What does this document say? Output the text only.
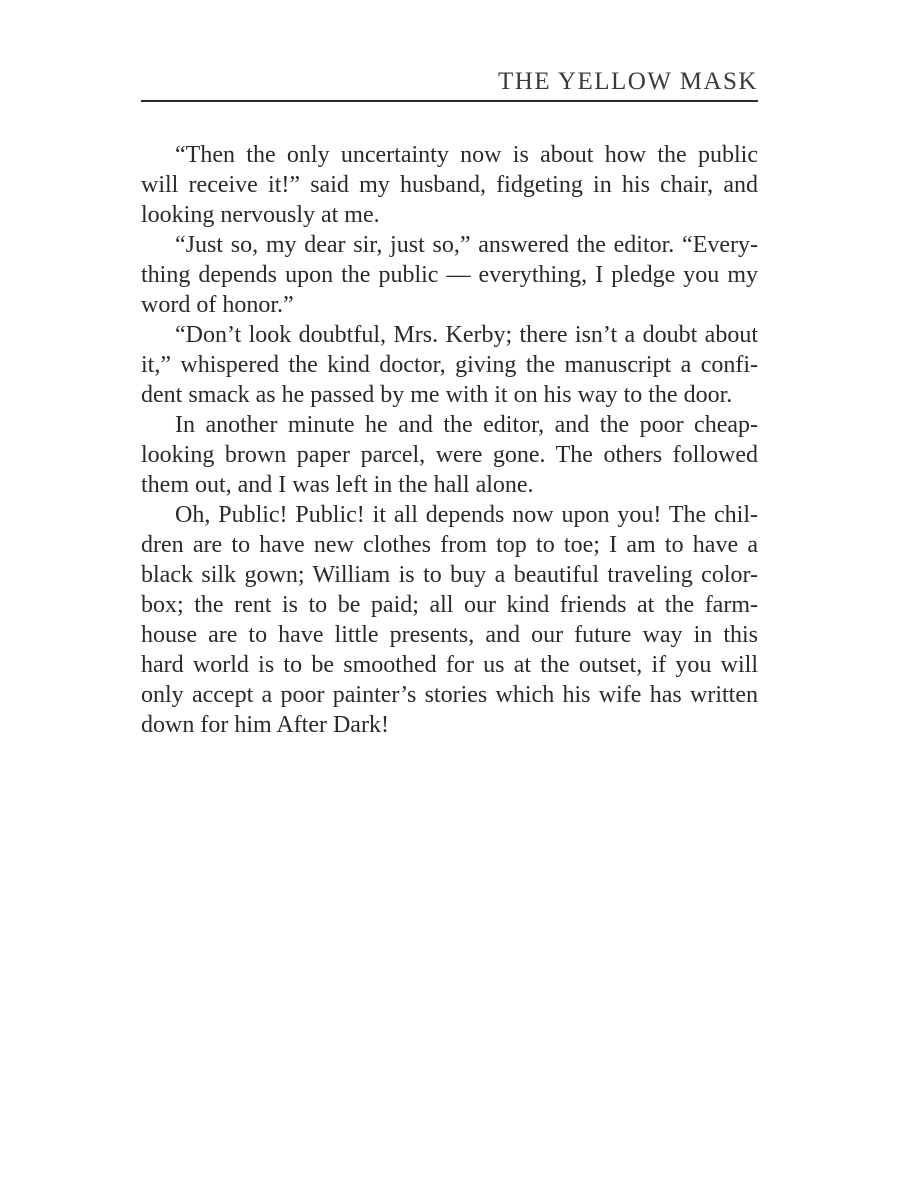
THE YELLOW MASK

“Then the only uncertainty now is about how the public
will receive it!” said my husband, fidgeting in his chair, and
looking nervously at me.

“Just so, my dear sir, just so,” answered the editor. “Every-
thing depends upon the public — everything, I pledge you my
word of honor.”

“Don’t look doubtful, Mrs. Kerby; there isn’t a doubt about
it,” whispered the kind doctor, giving the manuscript a confi-
dent smack as he passed by me with it on his way to the door.

In another minute he and the editor, and the poor cheap-
looking brown paper parcel, were gone. The others followed
them out, and I was left in the hall alone.

Oh, Public! Public! it all depends now upon you! The chil-
dren are to have new clothes from top to toe; I am to have a
black silk gown; William is to buy a beautiful traveling color-
box; the rent is to be paid; all our kind friends at the farm-
house are to have little presents, and our future way in this
hard world is to be smoothed for us at the outset, if you will
only accept a poor painter’s stories which his wife has written
down for him After Dark!
